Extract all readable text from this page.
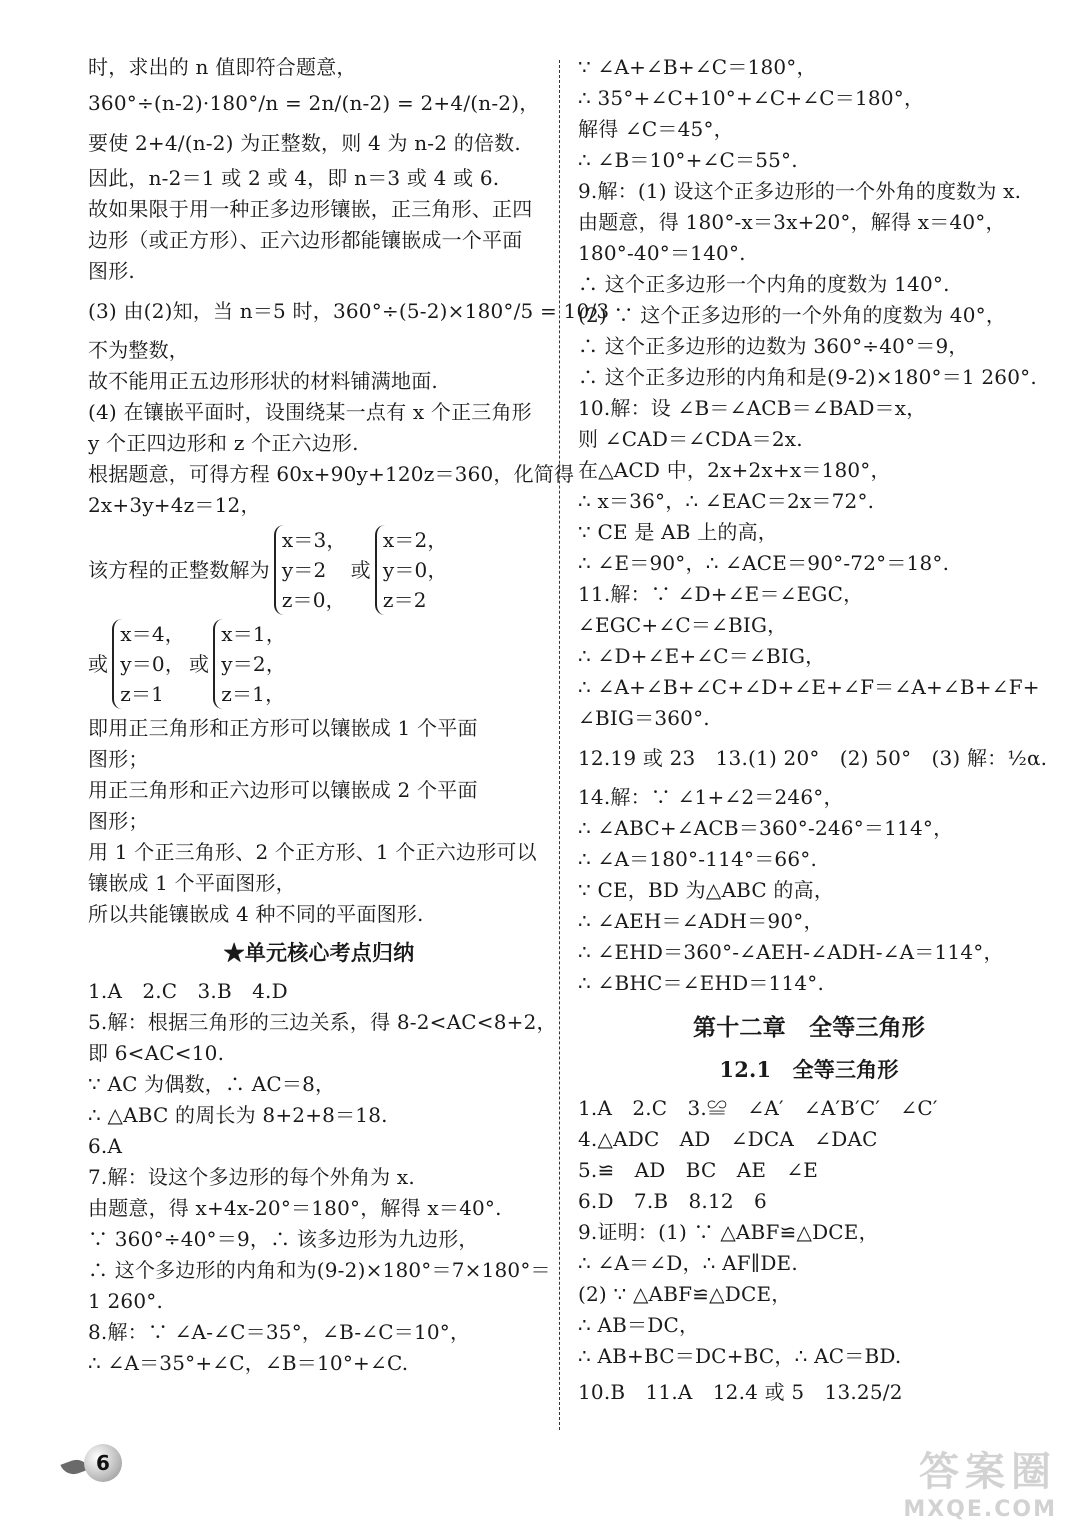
时，求出的 n 值即符合题意，
360°÷(n-2)·180°/n = 2n/(n-2) = 2+4/(n-2)，
要使 2+4/(n-2) 为正整数，则 4 为 n-2 的倍数.
因此，n-2＝1 或 2 或 4，即 n＝3 或 4 或 6.
故如果限于用一种正多边形镶嵌，正三角形、正四
边形（或正方形）、正六边形都能镶嵌成一个平面
图形.
(3) 由(2)知，当 n＝5 时，360°÷(5-2)×180°/5 = 10/3
不为整数，
故不能用正五边形形状的材料铺满地面.
(4) 在镶嵌平面时，设围绕某一点有 x 个正三角形
y 个正四边形和 z 个正六边形.
根据题意，可得方程 60x+90y+120z＝360，化简得
2x+3y+4z＝12，
该方程的正整数解为
x＝3，
y＝2
z＝0，
或
x＝2，
y＝0，
z＝2
或
x＝4，
y＝0，
z＝1
或
x＝1，
y＝2，
z＝1，
即用正三角形和正方形可以镶嵌成 1 个平面
图形；
用正三角形和正六边形可以镶嵌成 2 个平面
图形；
用 1 个正三角形、2 个正方形、1 个正六边形可以
镶嵌成 1 个平面图形，
所以共能镶嵌成 4 种不同的平面图形.
★单元核心考点归纳
1.A　2.C　3.B　4.D
5.解：根据三角形的三边关系，得 8-2<AC<8+2，
即 6<AC<10.
∵ AC 为偶数，∴ AC＝8，
∴ △ABC 的周长为 8+2+8＝18.
6.A
7.解：设这个多边形的每个外角为 x.
由题意，得 x+4x-20°＝180°，解得 x＝40°.
∵ 360°÷40°＝9，∴ 该多边形为九边形，
∴ 这个多边形的内角和为(9-2)×180°＝7×180°＝
1 260°.
8.解：∵ ∠A-∠C＝35°，∠B-∠C＝10°，
∴ ∠A＝35°+∠C，∠B＝10°+∠C.
∵ ∠A+∠B+∠C＝180°，
∴ 35°+∠C+10°+∠C+∠C＝180°，
解得 ∠C＝45°，
∴ ∠B＝10°+∠C＝55°.
9.解：(1) 设这个正多边形的一个外角的度数为 x.
由题意，得 180°-x＝3x+20°，解得 x＝40°，
180°-40°＝140°.
∴ 这个正多边形一个内角的度数为 140°.
(2) ∵ 这个正多边形的一个外角的度数为 40°，
∴ 这个正多边形的边数为 360°÷40°＝9，
∴ 这个正多边形的内角和是(9-2)×180°＝1 260°.
10.解：设 ∠B＝∠ACB＝∠BAD＝x，
则 ∠CAD＝∠CDA＝2x.
在△ACD 中，2x+2x+x＝180°，
∴ x＝36°，∴ ∠EAC＝2x＝72°.
∵ CE 是 AB 上的高，
∴ ∠E＝90°，∴ ∠ACE＝90°-72°＝18°.
11.解：∵ ∠D+∠E＝∠EGC，
∠EGC+∠C＝∠BIG，
∴ ∠D+∠E+∠C＝∠BIG，
∴ ∠A+∠B+∠C+∠D+∠E+∠F＝∠A+∠B+∠F+
∠BIG＝360°.
12.19 或 23　13.(1) 20°　(2) 50°　(3) 解：½α.
14.解：∵ ∠1+∠2＝246°，
∴ ∠ABC+∠ACB＝360°-246°＝114°，
∴ ∠A＝180°-114°＝66°.
∵ CE，BD 为△ABC 的高，
∴ ∠AEH＝∠ADH＝90°，
∴ ∠EHD＝360°-∠AEH-∠ADH-∠A＝114°，
∴ ∠BHC＝∠EHD＝114°.
第十二章　全等三角形
12.1　全等三角形
1.A　2.C　3.≌　∠A′　∠A′B′C′　∠C′
4.△ADC　AD　∠DCA　∠DAC
5.≌　AD　BC　AE　∠E
6.D　7.B　8.12　6
9.证明：(1) ∵ △ABF≌△DCE，
∴ ∠A＝∠D，∴ AF∥DE.
(2) ∵ △ABF≌△DCE，
∴ AB＝DC，
∴ AB+BC＝DC+BC，∴ AC＝BD.
10.B　11.A　12.4 或 5　13.25/2
6	答案圈
MXQE.COM
